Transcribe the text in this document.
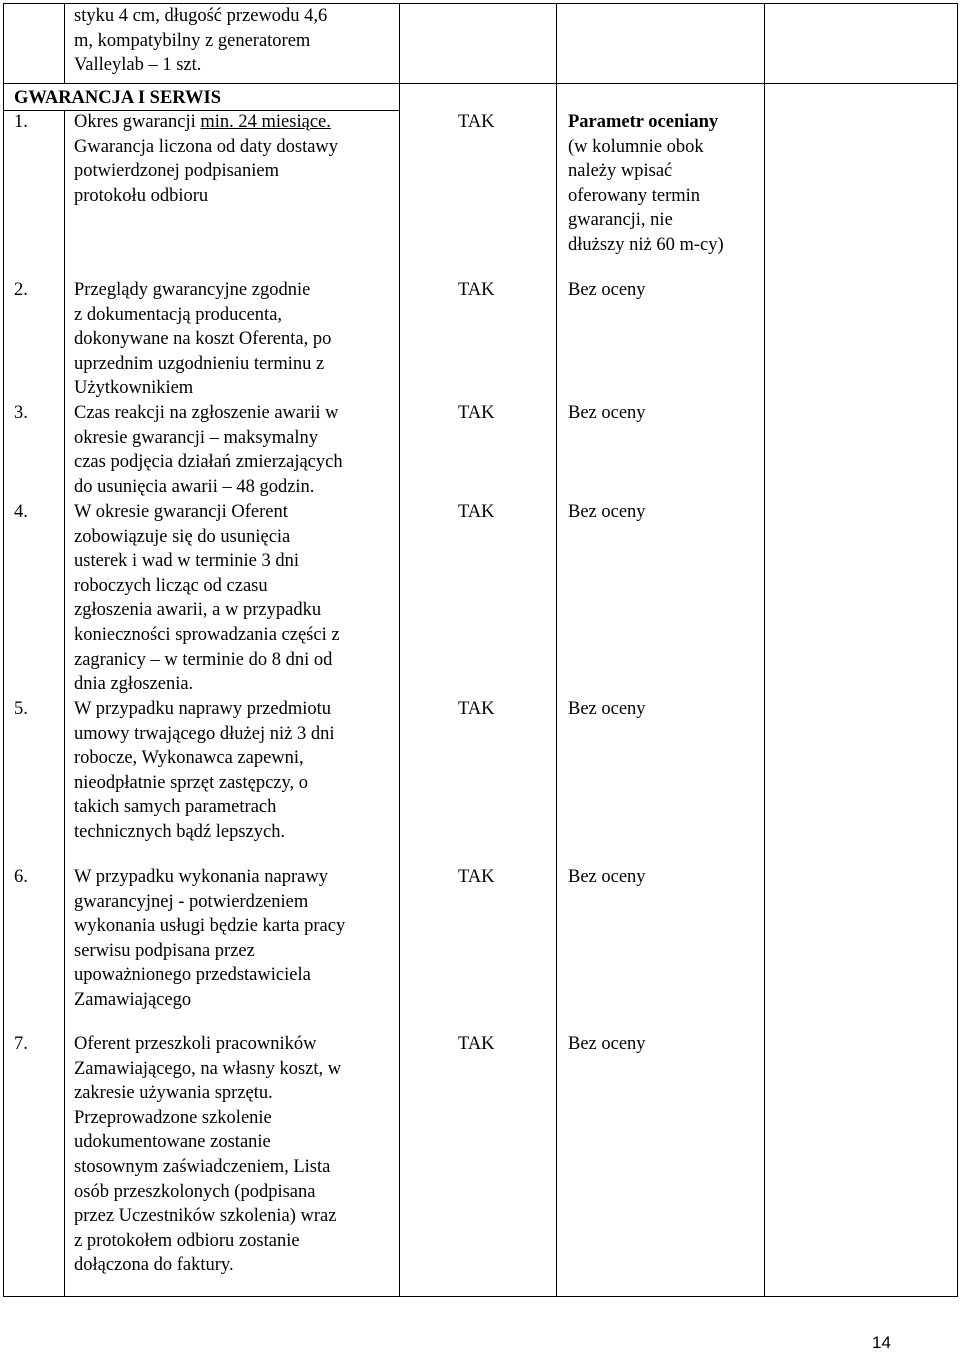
styku 4 cm, długość przewodu 4,6
m, kompatybilny z generatorem
Valleylab – 1 szt.
GWARANCJA I SERWIS
1. Okres gwarancji min. 24 miesiące.
Gwarancja liczona od daty dostawy
potwierdzonej podpisaniem
protokołu odbioru
TAK	Parametr oceniany
(w kolumnie obok
należy wpisać
oferowany termin
gwarancji, nie
dłuższy niż 60 m-cy)
2. Przeglądy gwarancyjne zgodnie
z dokumentacją producenta,
dokonywane na koszt Oferenta, po
uprzednim uzgodnieniu terminu z
Użytkownikiem
TAK	Bez oceny
3. Czas reakcji na zgłoszenie awarii w
okresie gwarancji – maksymalny
czas podjęcia działań zmierzających
do usunięcia awarii – 48 godzin.
TAK	Bez oceny
4. W okresie gwarancji Oferent
zobowiązuje się do usunięcia
usterek i wad w terminie 3 dni
roboczych licząc od czasu
zgłoszenia awarii, a w przypadku
konieczności sprowadzania części z
zagranicy – w terminie do 8 dni od
dnia zgłoszenia.
TAK	Bez oceny
5. W przypadku naprawy przedmiotu
umowy trwającego dłużej niż 3 dni
robocze, Wykonawca zapewni,
nieodpłatnie sprzęt zastępczy, o
takich samych parametrach
technicznych bądź lepszych.
TAK	Bez oceny
6. W przypadku wykonania naprawy
gwarancyjnej - potwierdzeniem
wykonania usługi będzie karta pracy
serwisu podpisana przez
upoważnionego przedstawiciela
Zamawiającego
TAK	Bez oceny
7. Oferent przeszkoli pracowników
Zamawiającego, na własny koszt, w
zakresie używania sprzętu.
Przeprowadzone szkolenie
udokumentowane zostanie
stosownym zaświadczeniem, Lista
osób przeszkolonych (podpisana
przez Uczestników szkolenia) wraz
z protokołem odbioru zostanie
dołączona do faktury.
TAK	Bez oceny
14
